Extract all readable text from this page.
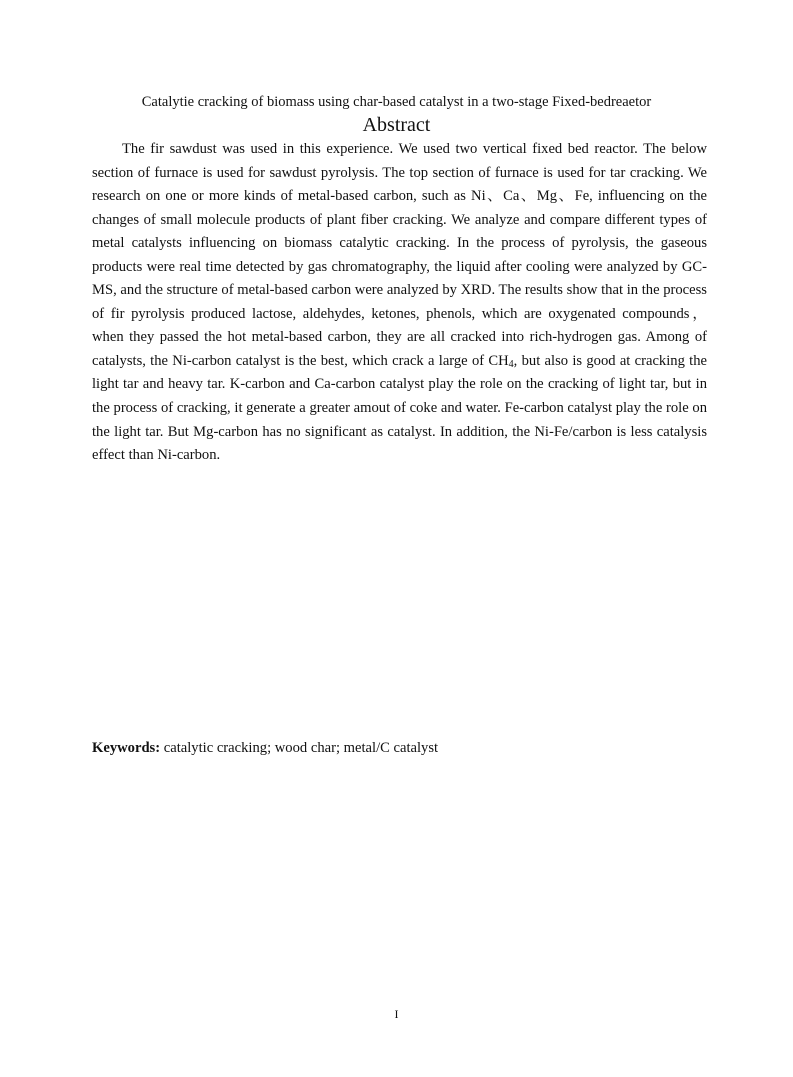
Catalytie cracking of biomass using char-based catalyst in a two-stage Fixed-bedreaetor
Abstract

The fir sawdust was used in this experience. We used two vertical fixed bed reactor. The below section of furnace is used for sawdust pyrolysis. The top section of furnace is used for tar cracking. We research on one or more kinds of metal-based carbon, such as Ni、Ca、Mg、Fe, influencing on the changes of small molecule products of plant fiber cracking. We analyze and compare different types of metal catalysts influencing on biomass catalytic cracking. In the process of pyrolysis, the gaseous products were real time detected by gas chromatography, the liquid after cooling were analyzed by GC-MS, and the structure of metal-based carbon were analyzed by XRD. The results show that in the process of fir pyrolysis produced lactose, aldehydes, ketones, phenols, which are oxygenated compounds， when they passed the hot metal-based carbon, they are all cracked into rich-hydrogen gas. Among of catalysts, the Ni-carbon catalyst is the best, which crack a large of $CH_4$, but also is good at cracking the light tar and heavy tar. K-carbon and Ca-carbon catalyst play the role on the cracking of light tar, but in the process of cracking, it generate a greater amout of coke and water. Fe-carbon catalyst play the role on the light tar. But Mg-carbon has no significant as catalyst. In addition, the Ni-Fe/carbon is less catalysis effect than Ni-carbon.

Keywords: catalytic cracking; wood char; metal/C catalyst
I
